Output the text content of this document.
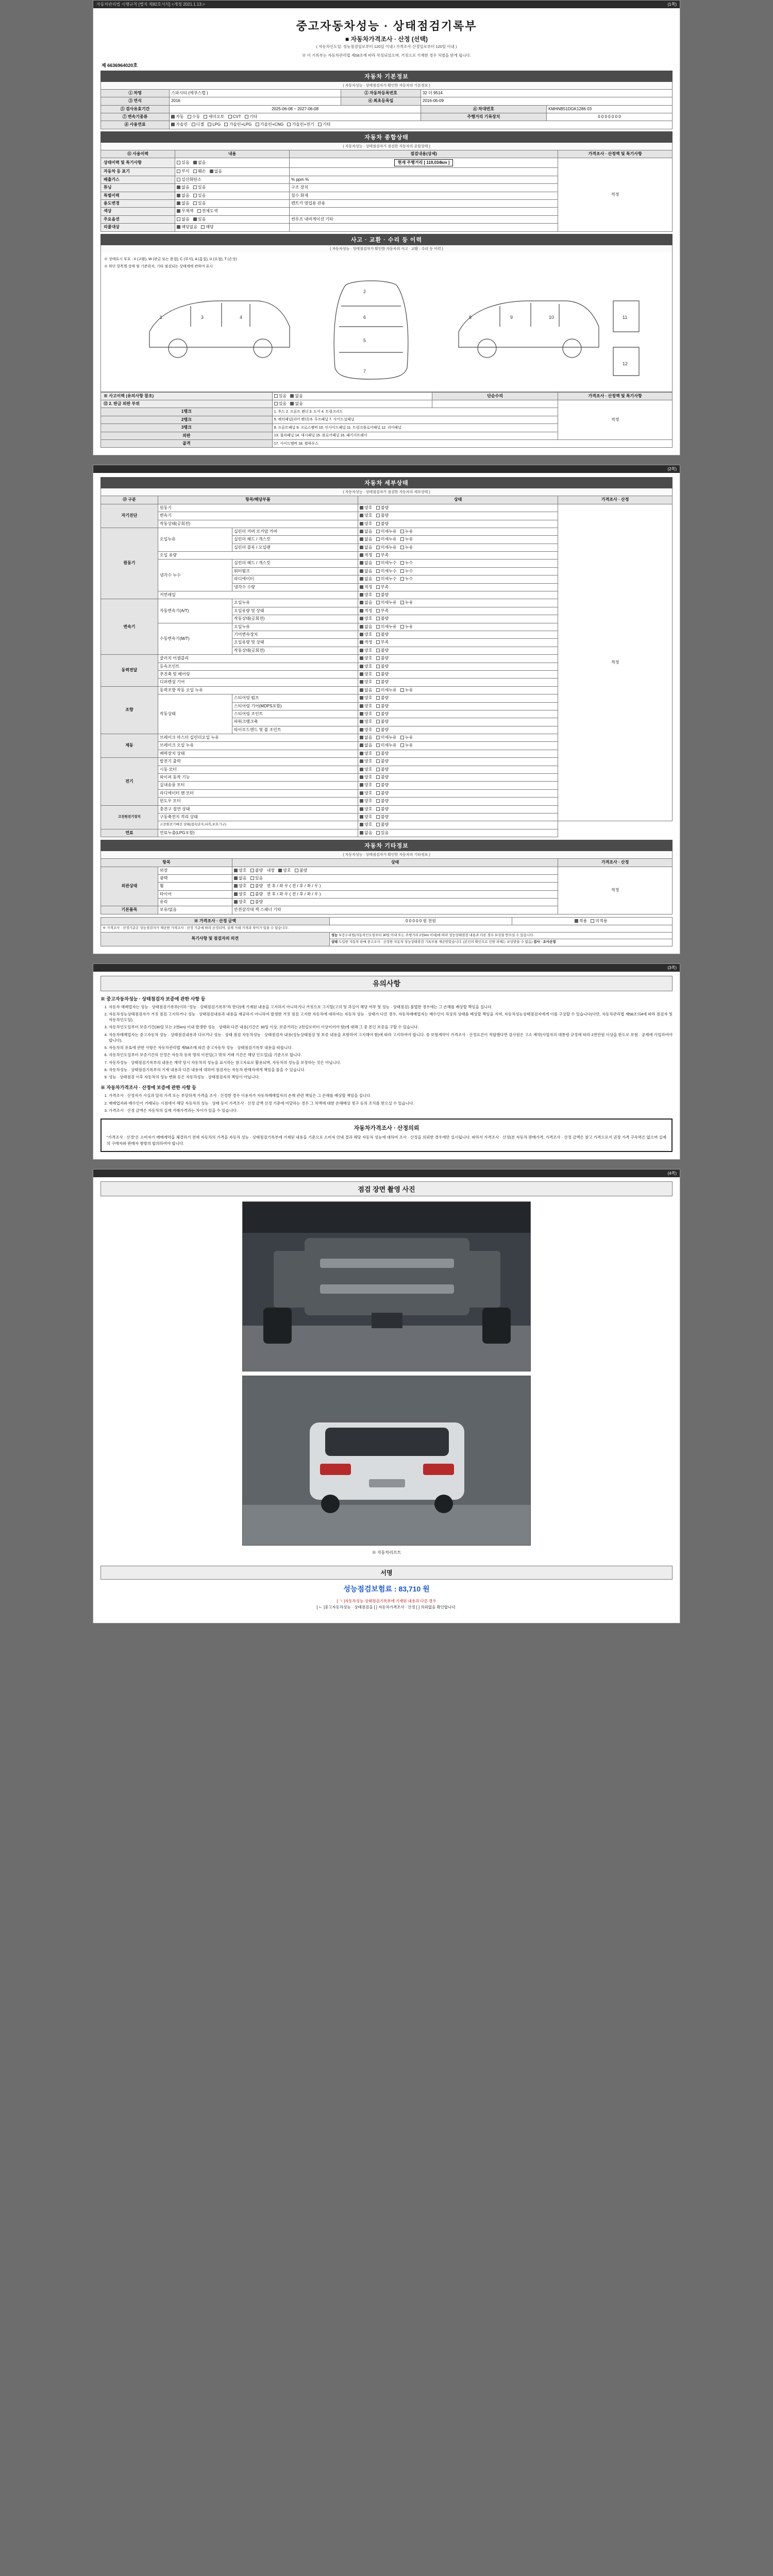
자동차관리법 시행규칙 [별지 제82호서식] <개정 2021.1.13.>	(1쪽)
중고자동차성능 · 상태점검기록부
■ 자동차가격조사 · 산정 (선택)
( 자동차인도일: 성능점검일로부터 120일 이내 / 가격조사·산정일로부터 120일 이내 )
※ 이 기록부는 자동차관리법 제58조에 따라 작성되었으며, 거짓으로 기재한 경우 처벌을 받게 됩니다.
제 6636964020호
자동차 기본정보
( 자동차성능 · 상태점검자가 확인한 자동차의 기본정보 )
① 차명	스파시티 (에쿠스캡 )	② 자동차등록번호	32 더 9514	
③ 연식	2016	④ 최초등록일	2016-06-09	
⑤ 검사유효기간	2025-06-08 ~ 2027-06-08		⑥ 차대번호	KMHNB51DGK1286 03
⑦ 변속기종류	자동 수동 세미오토 CVT 기타		주행거리 기록장치	0 0 0 0 0 0 0
⑧ 사용연료	가솔린 디젤 LPG 가솔린+LPG 가솔린+CNG 가솔린+전기 기타			
자동차 종합상태
( 자동차성능 · 상태점검자가 점검한 자동차의 종합상태 )
⑪ 사용이력	내용	점검내용(상세)	가격조사 · 산정액 및 특기사항
상태이력 및 특기사항	있음 없음	현재 주행거리 [ 119,034km ]	적정
자동차 등 표기	부식 훼손 없음		
배출가스	일산화탄소	% ppm %	
튜닝	없음 있음	구조 장치	
특별이력	없음 있음	침수 화재	
용도변경	없음 있음	렌트카 영업용 관용	
색상	무채색 전체도색		
주요옵션	없음 있음	썬루프 내비게이션 기타	
리콜대상	해당없음 해당		
사고 · 교환 · 수리 등 이력
( 자동차성능 · 상태점검자가 확인한 자동차의 사고 · 교환 · 수리 등 이력 )
※ 상태표시 부호 : X (교환), W (판금 또는 용접), C (부식), A (흠집), U (요철), T (손상)
※ 하단 항목별 상태 및 기준위치, 기타 점검되는 상태계에 관하여 표시
1	3	4
2
6
5
7
8	9	10	11
12
※ 사고이력 (유의사항 참조)	있음 없음	단순수리	가격조사 · 산정액 및 특기사항
⑫ 2. 판금 외판 부위	있음 없음		적정
1랭크	1. 후드 2. 프론트 펜더 3. 도어 4. 트렁크리드		
2랭크	5. 쿼터패널(리어 펜더) 6. 루프패널 7. 사이드실패널		
3랭크	8. 프론트패널 9. 크로스멤버 10. 인사이드패널 11. 트렁크플로어패널 12. 리어패널		
외판	13. 필라패널 14. 대시패널 15. 플로어패널 16. 패키지트레이		
골격	17. 사이드멤버 18. 휠하우스		
(2쪽)
자동차 세부상태
( 자동차성능 · 상태점검자가 점검한 자동차의 세부상태 )
⑬ 구분	항목/해당부품		상태	가격조사 · 산정
자기진단	원동기		양호 불량	적정
	변속기		양호 불량	
	작동상태(공회전)		양호 불량	
원동기	오일누유	실린더 커버 로커암 커버	없음 미세누유 누유	
		실린더 헤드 / 개스킷	없음 미세누유 누유	
		실린더 블록 / 오일팬	없음 미세누유 누유	
	오일 유량		적정 부족	
	냉각수 누수	실린더 헤드 / 개스킷	없음 미세누수 누수	
		워터펌프	없음 미세누수 누수	
		라디에이터	없음 미세누수 누수	
		냉각수 수량	적정 부족	
	커먼레일		양호 불량	
변속기	자동변속기(A/T)	오일누유	없음 미세누유 누유	
		오일유량 및 상태	적정 부족	
		작동상태(공회전)	양호 불량	
	수동변속기(M/T)	오일누유	없음 미세누유 누유	
		기어변속장치	양호 불량	
		오일유량 및 상태	적정 부족	
		작동상태(공회전)	양호 불량	
동력전달	클러치 어셈블리		양호 불량	
	등속조인트		양호 불량	
	추진축 및 베어링		양호 불량	
	디퍼렌셜 기어		양호 불량	
조향	동력조향 작동 오일 누유		없음 미세누유 누유	
	작동상태	스티어링 펌프	양호 불량	
		스티어링 기어(MDPS포함)	양호 불량	
		스티어링 조인트	양호 불량	
		파워크랭크축	양호 불량	
		타이로드엔드 및 볼 조인트	양호 불량	
제동	브레이크 마스터 실린더오일 누유		없음 미세누유 누유	
	브레이크 오일 누유		없음 미세누유 누유	
	배력장치 상태		양호 불량	
전기	발전기 출력		양호 불량	
	시동 모터		양호 불량	
	와이퍼 동작 기능		양호 불량	
	실내송풍 모터		양호 불량	
	라디에이터 팬 모터		양호 불량	
	윈도우 모터		양호 불량	
고전원전기장치	충전구 절연 상태		양호 불량	
	구동축전지 격리 상태		양호 불량	
	고전원전기배선 상태(접속단자,피복,보호기구)		양호 불량	
연료	연료누출(LPG포함)		없음 있음	
자동차 기타정보
( 자동차성능 · 상태점검자가 확인한 자동차의 기타정보 )
항목		상태	가격조사 · 산정
외관상태	외장	양호 불량 내장 양호 불량	적정
	광택	없음 있음	
	휠	양호 불량 전 후 / 좌 우 ( 전 / 후 / 좌 / 우 )	
	타이어	양호 불량 전 후 / 좌 우 ( 전 / 후 / 좌 / 우 )	
	유리	양호 불량	
기본품목	보유/없음	안전삼각대 잭 스패너 기타	
※ 가격조사 · 산정 금액	0 0 0 0 0 원 천원	적용 미적용
※ 가격조사 · 산정기준은 성능점검자가 제공한 가격조사 · 산정 기준에 따라 산정되며, 실제 거래 가격과 차이가 있을 수 있습니다.		
특기사항 및 점검자의 의견	성능 보증수리법(자동차인도일부터 30일 이내 또는 주행거리 2천km 이내)에 따라 성능상태점검 내용과 다른 경우 보상을 받으실 수 있습니다.	
	상태 도입한 자동차 판매 중고조사 · 산정한 자동차 성능상태점검 기록부를 제공받았습니다. (본인의 확인으로 인한 피해는 보상받을 수 없음) 검사 · 조사산정	
(3쪽)
유의사항
※ 중고자동차성능 · 상태점검자 보증에 관한 사항 등
1. 자동차 매매업자는 성능 · 상태점검기록부(이하 "성능 · 상태점검기록부"라 한다)에 기재된 내용을 고지하지 아니하거나 거짓으로 고지할(고의 및 과실이 해당 여부 및 성능 · 상태점검) 불법한 경우에는 그 손해를 배상할 책임을 집니다.
2. 자동차성능상태점검자가 거짓 점검 고지하거나 성능 · 상태점검내용과 내용을 제공하지 아니하여 발생한 거짓 점검 고지한 자동차에 대하여는 자동차 성능 · 상태가 다른 경우, 자동차매매업자는 매수인이 차상의 상태를 배상할 책임을 지며, 자동차성능상태점검자에게 이를 구상할 수 있습니다(다만, 자동차관리법 제58조의4에 따라 점검자 및 자동차인도일).
3. 자동차인도일부터 보증기간(30일 또는 2천km) 이내 발생한 성능 · 상태와 다른 내용(기간은 30일 이상, 보증거리는 2천킬로미터 이상이어야 함)에 대해 그 중 본인 보증을 구할 수 있습니다.
4. 자동차매매업자는 중고자동차 성능 · 상태점검내용과 다르거나 성능 · 상태 점검 자동차성능 · 상태점검자 내용(성능상태점검 및 보증 내용을 포함하여 고지해야 함)에 따라 고지하여야 합니다. 중 보험계약이 가격조사 · 산정요건이 적합했다면 검사원은 고소 계약(사업자의 대통령 규정에 따라 2천만원 이상을 한도로 보험 · 공제에 가입하여야 합니다).
5. 자동차의 유효에 관한 사항은 자동차관리법 제58조에 따른 중고자동차 성능 · 상태점검기록부 내용을 따릅니다.
6. 자동차인도일부터 보증기간의 산정은 자동차 등록 명의 이전일(그 밖의 거래 기간은 해당 인도일)을 기준으로 합니다.
7. 자동차성능 · 상태점검기록부의 내용은 계약 당시 자동차의 성능을 표시하는 참고자료로 활용되며, 자동차의 성능을 보장하는 것은 아닙니다.
8. 자동차성능 · 상태점검기록부의 기재 내용과 다른 내용에 대하여 점검자는 자동차 판매자에게 책임을 물을 수 있습니다.
9. 성능 · 상태점검 이후 자동차의 성능 변화 등은 자동차성능 · 상태점검자의 책임이 아닙니다.
※ 자동차가격조사 · 산정에 보증에 관한 사항 등
1. 가격조사 · 산정자가 사실과 달리 가격 또는 부당하게 가격을 조사 · 산정한 경우 이용자가 자동차매매업자의 손해 관련 책임은 그 손해를 배상할 책임을 집니다.
2. 매매업자와 매수인이 거래되는 시점에서 해당 자동차의 성능 · 상태 등이 가격조사 · 산정 금액 산정 기준에 미달하는 경우 그 차액에 대한 손해배상 청구 등의 조치를 받으실 수 있습니다.
3. 가격조사 · 산정 금액은 자동차의 실제 거래가격과는 차이가 있을 수 있습니다.
자동차가격조사 · 산정의뢰
"가격조사 · 산정"은 소비자가 매매계약을 체결하기 전에 자동차의 가격을 자동차 성능 · 상태점검기록부에 기재된 내용을 기준으로 소비자 안내 결과 해당 자동차 성능에 대하여 조사 · 산정을 의뢰한 경우에만 실시됩니다. 따라서 가격조사 · 산정(본 자동차 판매가격, 가격조사 · 산정 금액은 참고 가격으로서 권장 가격 구속력은 없으며 실제의 구매자와 판매자 쌍방의 합의하여야 합니다.
(4쪽)
점검 장면 촬영 사진
※ 자동차리프트
서명
성능점검보험료 : 83,710 원
[ ㄱ ]자동차성능·상태점검기록부에 기재된 내용과 다른 경우
[ ㄴ ]중고자동차성능 · 상태점검을 [ ] 자동차가격조사 · 산정 [ ] 의뢰없음 확인합니다.
